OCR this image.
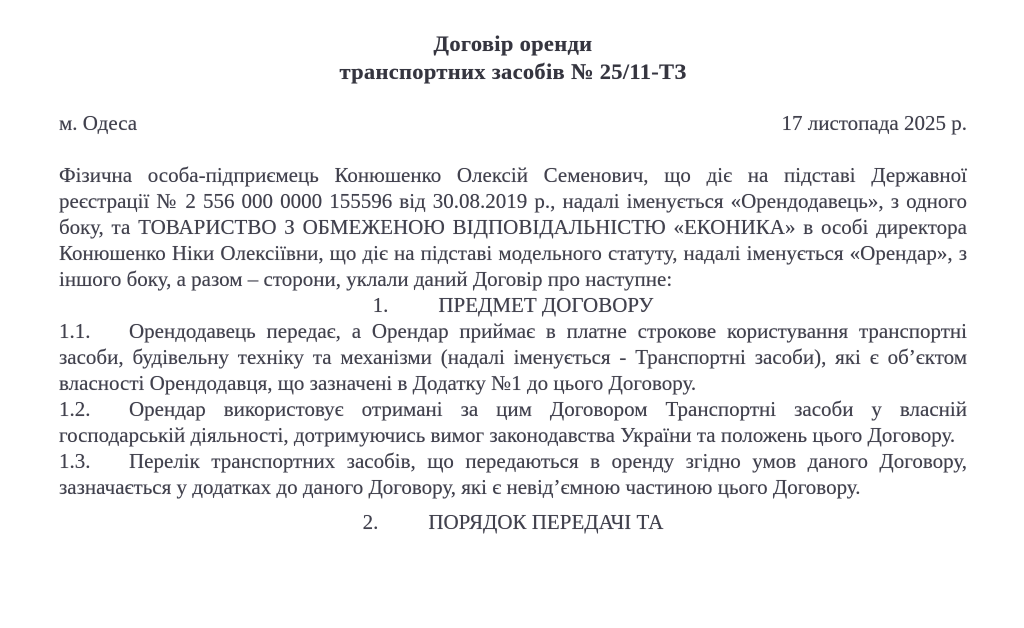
Договір оренди
транспортних засобів № 25/11-ТЗ
м. Одеса	17 листопада 2025 р.

Фізична особа-підприємець Конюшенко Олексій Семенович, що діє на підставі Державної реєстрації № 2 556 000 0000 155596 від 30.08.2019 р., надалі іменується «Орендодавець», з одного боку, та ТОВАРИСТВО З ОБМЕЖЕНОЮ ВІДПОВІДАЛЬНІСТЮ «ЕКОНИКА» в особі директора Конюшенко Ніки Олексіївни, що діє на підставі модельного статуту, надалі іменується «Орендар», з іншого боку, а разом – сторони, уклали даний Договір про наступне:

1. ПРЕДМЕТ ДОГОВОРУ

1.1. Орендодавець передає, а Орендар приймає в платне строкове користування транспортні засоби, будівельну техніку та механізми (надалі іменується - Транспортні засоби), які є об’єктом власності Орендодавця, що зазначені в Додатку №1 до цього Договору.

1.2. Орендар використовує отримані за цим Договором Транспортні засоби у власній господарській діяльності, дотримуючись вимог законодавства України та положень цього Договору.

1.3. Перелік транспортних засобів, що передаються в оренду згідно умов даного Договору, зазначається у додатках до даного Договору, які є невід’ємною частиною цього Договору.

2. ПОРЯДОК ПЕРЕДАЧІ ТА
